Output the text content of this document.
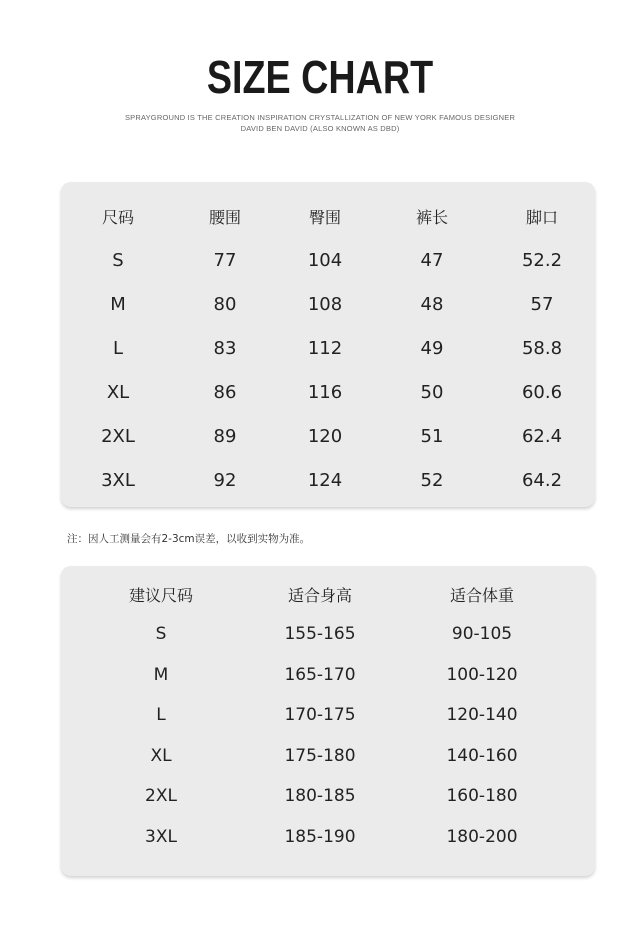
SIZE CHART
SPRAYGROUND IS THE CREATION INSPIRATION CRYSTALLIZATION OF NEW YORK FAMOUS DESIGNER
DAVID BEN DAVID (ALSO KNOWN AS DBD)
尺码	腰围	臀围	裤长	脚口
S	77	104	47	52.2
M	80	108	48	57
L	83	112	49	58.8
XL	86	116	50	60.6
2XL	89	120	51	62.4
3XL	92	124	52	64.2
注：因人工测量会有2-3cm误差，以收到实物为准。
建议尺码	适合身高	适合体重	
S	155-165	90-105	
M	165-170	100-120	
L	170-175	120-140	
XL	175-180	140-160	
2XL	180-185	160-180	
3XL	185-190	180-200	
